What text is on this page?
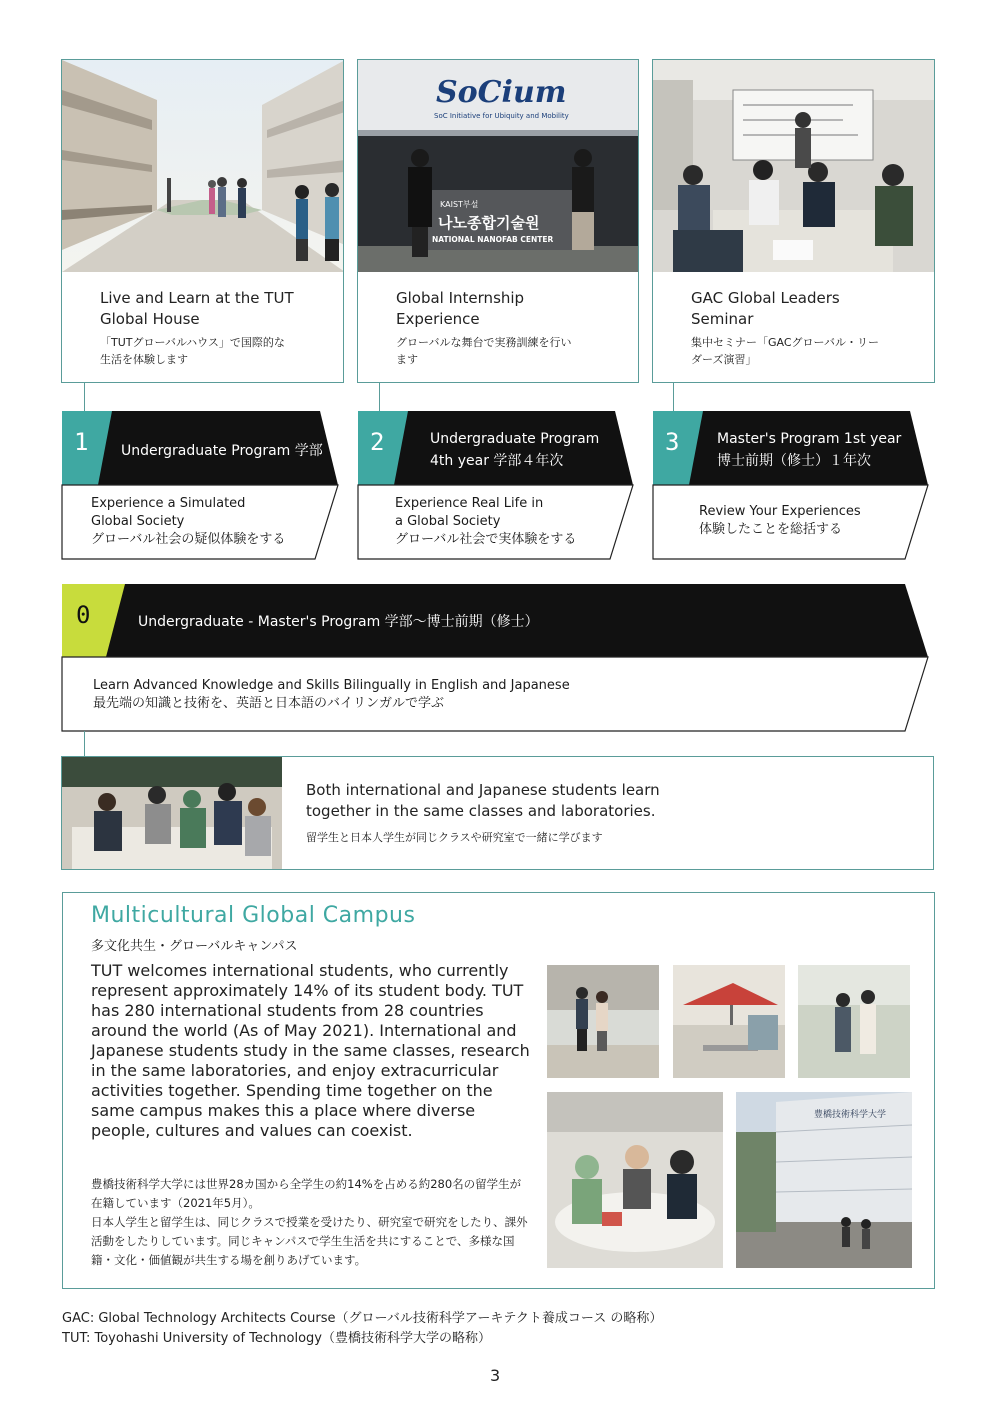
Live and Learn at the TUT
Global House
「TUTグローバルハウス」で国際的な
生活を体験します
SoCium
SoC Initiative for Ubiquity and Mobility
KAIST부설
나노종합기술원
NATIONAL NANOFAB CENTER
Global Internship
Experience
グローバルな舞台で実務訓練を行い
ます
GAC Global Leaders
Seminar
集中セミナー「GACグローバル・リー
ダーズ演習」
1 Undergraduate Program 学部
Experience a Simulated
Global Society
グローバル社会の疑似体験をする
2	Undergraduate Program
4th year 学部４年次
Experience Real Life in
a Global Society
グローバル社会で実体験をする
3	Master's Program 1st year
博士前期（修士）１年次
Review Your Experiences
体験したことを総括する
0	Undergraduate - Master's Program 学部〜博士前期（修士）
Learn Advanced Knowledge and Skills Bilingually in English and Japanese
最先端の知識と技術を、英語と日本語のバイリンガルで学ぶ
Both international and Japanese students learn
together in the same classes and laboratories.
留学生と日本人学生が同じクラスや研究室で一緒に学びます
Multicultural Global Campus
多文化共生・グローバルキャンパス
TUT welcomes international students, who currently represent approximately 14% of its student body. TUT has 280 international students from 28 countries around the world (As of May 2021). International and Japanese students study in the same classes, research in the same laboratories, and enjoy extracurricular activities together. Spending time together on the same campus makes this a place where diverse people, cultures and values can coexist.
豊橋技術科学大学には世界28カ国から全学生の約14%を占める約280名の留学生が在籍しています（2021年5月）。
日本人学生と留学生は、同じクラスで授業を受けたり、研究室で研究をしたり、課外活動をしたりしています。同じキャンパスで学生生活を共にすることで、多様な国籍・文化・価値観が共生する場を創りあげています。
豊橋技術科学大学
GAC: Global Technology Architects Course（グローバル技術科学アーキテクト養成コース の略称）
TUT: Toyohashi University of Technology（豊橋技術科学大学の略称）
3
